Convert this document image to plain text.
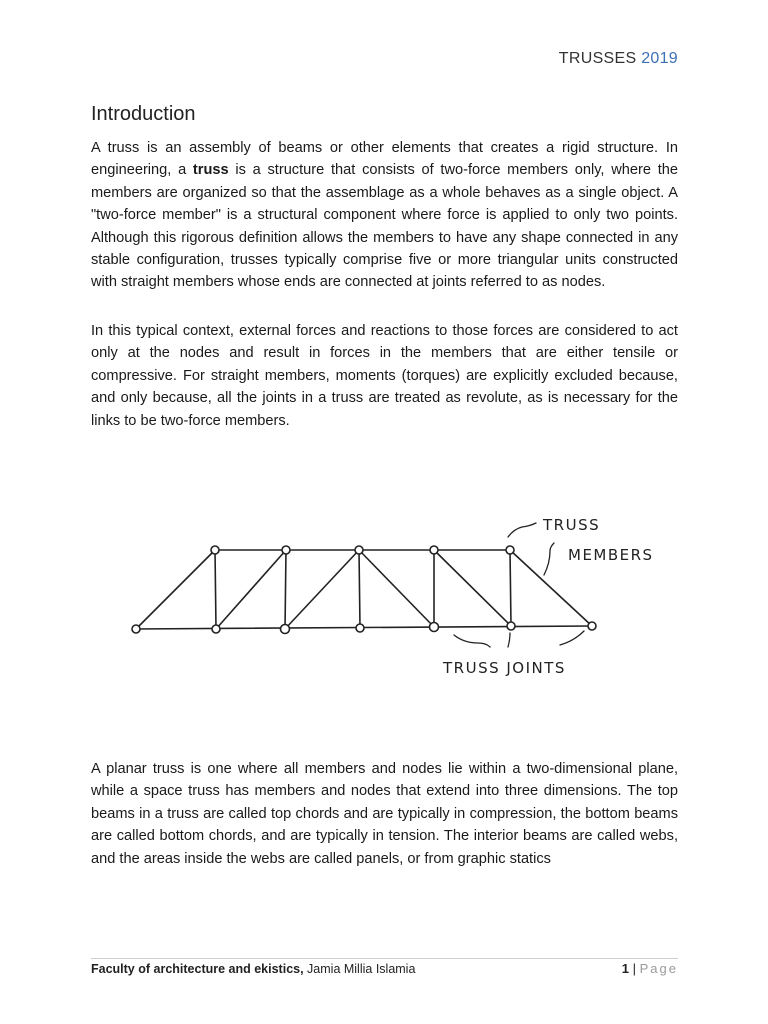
TRUSSES 2019
Introduction

A truss is an assembly of beams or other elements that creates a rigid structure. In engineering, a truss is a structure that consists of two-force members only, where the members are organized so that the assemblage as a whole behaves as a single object. A "two-force member" is a structural component where force is applied to only two points. Although this rigorous definition allows the members to have any shape connected in any stable configuration, trusses typically comprise five or more triangular units constructed with straight members whose ends are connected at joints referred to as nodes.

In this typical context, external forces and reactions to those forces are considered to act only at the nodes and result in forces in the members that are either tensile or compressive. For straight members, moments (torques) are explicitly excluded because, and only because, all the joints in a truss are treated as revolute, as is necessary for the links to be two-force members.

TRUSS
MEMBERS
TRUSS JOINTS

A planar truss is one where all members and nodes lie within a two-dimensional plane, while a space truss has members and nodes that extend into three dimensions. The top beams in a truss are called top chords and are typically in compression, the bottom beams are called bottom chords, and are typically in tension. The interior beams are called webs, and the areas inside the webs are called panels, or from graphic statics

Faculty of architecture and ekistics, Jamia Millia Islamia	1 | Page
